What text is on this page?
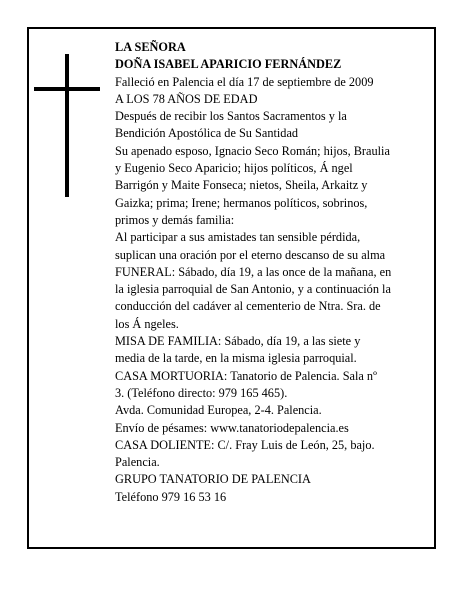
LA SEÑORA
DOÑA ISABEL APARICIO FERNÁNDEZ
Falleció en Palencia el día 17 de septiembre de 2009
A LOS 78 AÑOS DE EDAD
Después de recibir los Santos Sacramentos y la
Bendición Apostólica de Su Santidad
Su apenado esposo, Ignacio Seco Román; hijos, Braulia
y Eugenio Seco Aparicio; hijos políticos, Á ngel
Barrigón y Maite Fonseca; nietos, Sheila, Arkaitz y
Gaizka; prima; Irene; hermanos políticos, sobrinos,
primos y demás familia:
Al participar a sus amistades tan sensible pérdida,
suplican una oración por el eterno descanso de su alma
FUNERAL: Sábado, día 19, a las once de la mañana, en
la iglesia parroquial de San Antonio, y a continuación la
conducción del cadáver al cementerio de Ntra. Sra. de
los Á ngeles.
MISA DE FAMILIA: Sábado, día 19, a las siete y
media de la tarde, en la misma iglesia parroquial.
CASA MORTUORIA: Tanatorio de Palencia. Sala nº
3. (Teléfono directo: 979 165 465).
Avda. Comunidad Europea, 2-4. Palencia.
Envío de pésames: www.tanatoriodepalencia.es
CASA DOLIENTE: C/. Fray Luis de León, 25, bajo.
Palencia.
GRUPO TANATORIO DE PALENCIA
Teléfono 979 16 53 16
